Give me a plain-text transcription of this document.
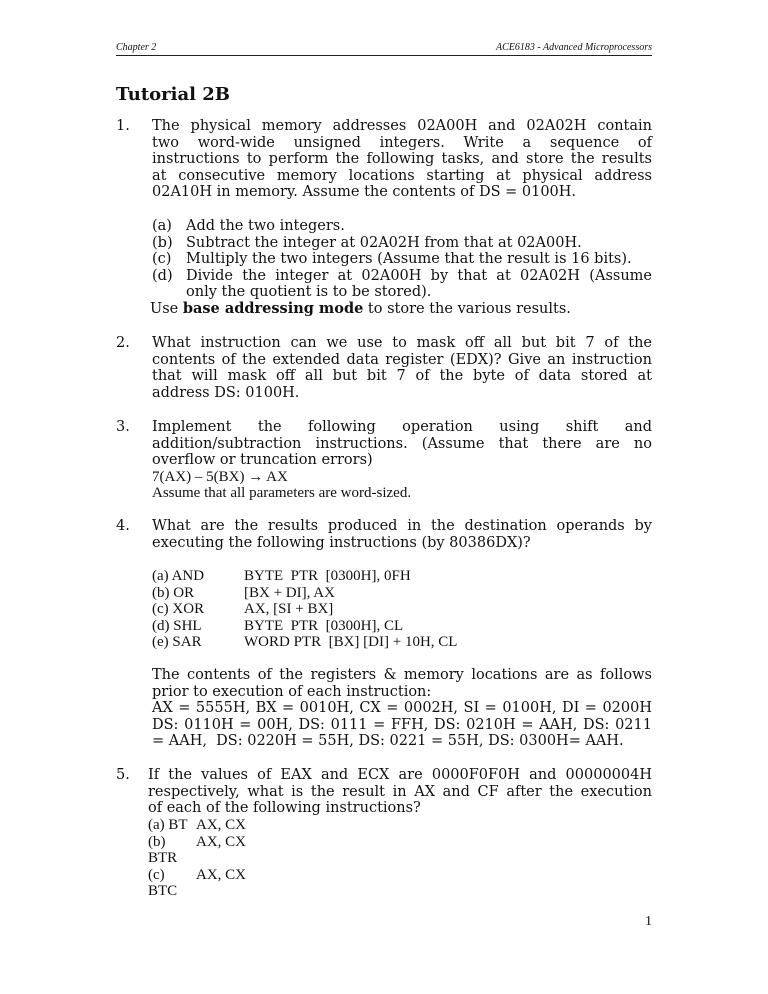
Chapter 2	ACE6183 - Advanced Microprocessors
Tutorial 2B
1. The physical memory addresses 02A00H and 02A02H contain
two word-wide unsigned integers. Write a sequence of
instructions to perform the following tasks, and store the results
at consecutive memory locations starting at physical address
02A10H in memory. Assume the contents of DS = 0100H.
(a) Add the two integers.
(b) Subtract the integer at 02A02H from that at 02A00H.
(c)	Multiply the two integers (Assume that the result is 16 bits).
(d) Divide the integer at 02A00H by that at 02A02H (Assume
only the quotient is to be stored).
Use base addressing mode to store the various results.
2. What instruction can we use to mask off all but bit 7 of the
contents of the extended data register (EDX)? Give an instruction
that will mask off all but bit 7 of the byte of data stored at
address DS: 0100H.
3. Implement the following operation using shift and
addition/subtraction instructions. (Assume that there are no
overflow or truncation errors)
7(AX) – 5(BX) → AX
Assume that all parameters are word-sized.
4. What are the results produced in the destination operands by
executing the following instructions (by 80386DX)?
(a) AND	BYTE  PTR  [0300H], 0FH
(b) OR	[BX + DI], AX
(c) XOR	AX, [SI + BX]
(d) SHL	BYTE  PTR  [0300H], CL
(e) SAR	WORD PTR  [BX] [DI] + 10H, CL
The contents of the registers & memory locations are as follows
prior to execution of each instruction:
AX = 5555H, BX = 0010H, CX = 0002H, SI = 0100H, DI = 0200H
DS: 0110H = 00H, DS: 0111 = FFH, DS: 0210H = AAH, DS: 0211
= AAH,  DS: 0220H = 55H, DS: 0221 = 55H, DS: 0300H= AAH.
5. If the values of EAX and ECX are 0000F0F0H and 00000004H
respectively, what is the result in AX and CF after the execution
of each of the following instructions?
(a) BT AX, CX
(b) BTR
AX, CX
(c) BTC
AX, CX
1
